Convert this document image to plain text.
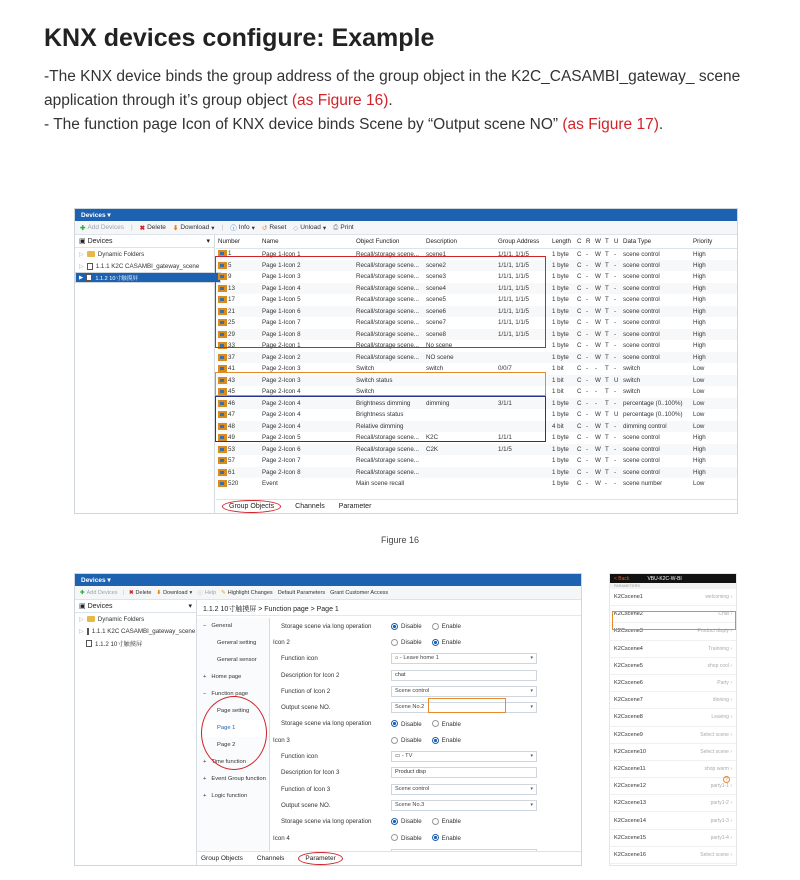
KNX devices configure: Example
-The KNX device binds the group address of the group object in the K2C_CASAMBI_gateway_ scene application through it’s group object (as Figure 16).
- The function page Icon of KNX device binds Scene by “Output scene NO” (as Figure 17).
Devices ▾
✚ Add Devices | ✖ Delete ⬇ Download ▾ | ⓘ Info ▾ ↺ Reset ◇ Unload ▾ ⎙ Print
▣ Devices	▾
▷ Dynamic Folders
▷ 1.1.1 K2C CASAMBI_gateway_scene
▶ 1.1.2 10寸触摸屏
Number	Name	Object Function	Description	Group Address	Length	C	R	W	T	U	Data Type	Priority
1	Page 1-Icon 1	Recall/storage scene...	scene1	1/1/1, 1/1/5	1 byte	C	-	W	T	-	scene control	High
5	Page 1-Icon 2	Recall/storage scene...	scene2	1/1/1, 1/1/5	1 byte	C	-	W	T	-	scene control	High
9	Page 1-Icon 3	Recall/storage scene...	scene3	1/1/1, 1/1/5	1 byte	C	-	W	T	-	scene control	High
13	Page 1-Icon 4	Recall/storage scene...	scene4	1/1/1, 1/1/5	1 byte	C	-	W	T	-	scene control	High
17	Page 1-Icon 5	Recall/storage scene...	scene5	1/1/1, 1/1/5	1 byte	C	-	W	T	-	scene control	High
21	Page 1-Icon 6	Recall/storage scene...	scene6	1/1/1, 1/1/5	1 byte	C	-	W	T	-	scene control	High
25	Page 1-Icon 7	Recall/storage scene...	scene7	1/1/1, 1/1/5	1 byte	C	-	W	T	-	scene control	High
29	Page 1-Icon 8	Recall/storage scene...	scene8	1/1/1, 1/1/5	1 byte	C	-	W	T	-	scene control	High
33	Page 2-Icon 1	Recall/storage scene...	No scene		1 byte	C	-	W	T	-	scene control	High
37	Page 2-Icon 2	Recall/storage scene...	NO scene		1 byte	C	-	W	T	-	scene control	High
41	Page 2-Icon 3	Switch	switch	0/0/7	1 bit	C	-	-	T	-	switch	Low
43	Page 2-Icon 3	Switch status			1 bit	C	-	W	T	U	switch	Low
45	Page 2-Icon 4	Switch			1 bit	C	-	-	T	-	switch	Low
46	Page 2-Icon 4	Brightness dimming	dimming	3/1/1	1 byte	C	-	-	T	-	percentage (0..100%)	Low
47	Page 2-Icon 4	Brightness status			1 byte	C	-	W	T	U	percentage (0..100%)	Low
48	Page 2-Icon 4	Relative dimming			4 bit	C	-	W	T	-	dimming control	Low
49	Page 2-Icon 5	Recall/storage scene...	K2C	1/1/1	1 byte	C	-	W	T	-	scene control	High
53	Page 2-Icon 6	Recall/storage scene...	C2K	1/1/5	1 byte	C	-	W	T	-	scene control	High
57	Page 2-Icon 7	Recall/storage scene...			1 byte	C	-	W	T	-	scene control	High
61	Page 2-Icon 8	Recall/storage scene...			1 byte	C	-	W	T	-	scene control	High
520	Event	Main scene recall			1 byte	C	-	W	-	-	scene number	Low
Group Objects	Channels Parameter
Figure 16
Devices ▾
✚ Add Devices | ✖ Delete ⬇ Download ▾ ⓘ Help ✎ Highlight Changes Default Parameters Grant Customer Access
▣ Devices	▾
▷ Dynamic Folders
▷ 1.1.1 K2C CASAMBI_gateway_scene
1.1.2 10寸触摸屏
1.1.2 10寸触摸屏 > Function page > Page 1
− General
General setting
General sensor
+ Home page
− Function page
Page setting
Page 1
Page 2
+ Time function
+ Event Group function
+ Logic function
Storage scene via long operation	Disable	Enable
Icon 2	Disable	Enable
Function icon	⌂ - Leave home 1	▾
Description for Icon 2	chat
Function of Icon 2	Scene control	▾
Output scene NO.	Scene No.2	▾
Storage scene via long operation	Disable	Enable
Icon 3	Disable	Enable
Function icon	▭ - TV	▾
Description for Icon 3	Product disp
Function of Icon 3	Scene control	▾
Output scene NO.	Scene No.3	▾
Storage scene via long operation	Disable	Enable
Icon 4	Disable	Enable
Group Objects Channels	Parameter
< Back	VBU-K2C-W-BI
PARAMETERS
K2Cscene1	welcoming ›
K2Cscene2	Chat ›
K2Cscene3	Product disply ›
K2Cscene4	Trainning ›
K2Cscene5	shop cool ›
K2Cscene6	Party ›
K2Cscene7	dinning ›
K2Cscene8	Leaving ›
K2Cscene9	Select scene ›
K2Cscene10	Select scene ›
K2Cscene11	shop warm ›
K2Cscene12	party1-1 ›
K2Cscene13	party1-2 ›
K2Cscene14	party1-3 ›
K2Cscene15	party1-4 ›
K2Cscene16	Select scene ›
?
